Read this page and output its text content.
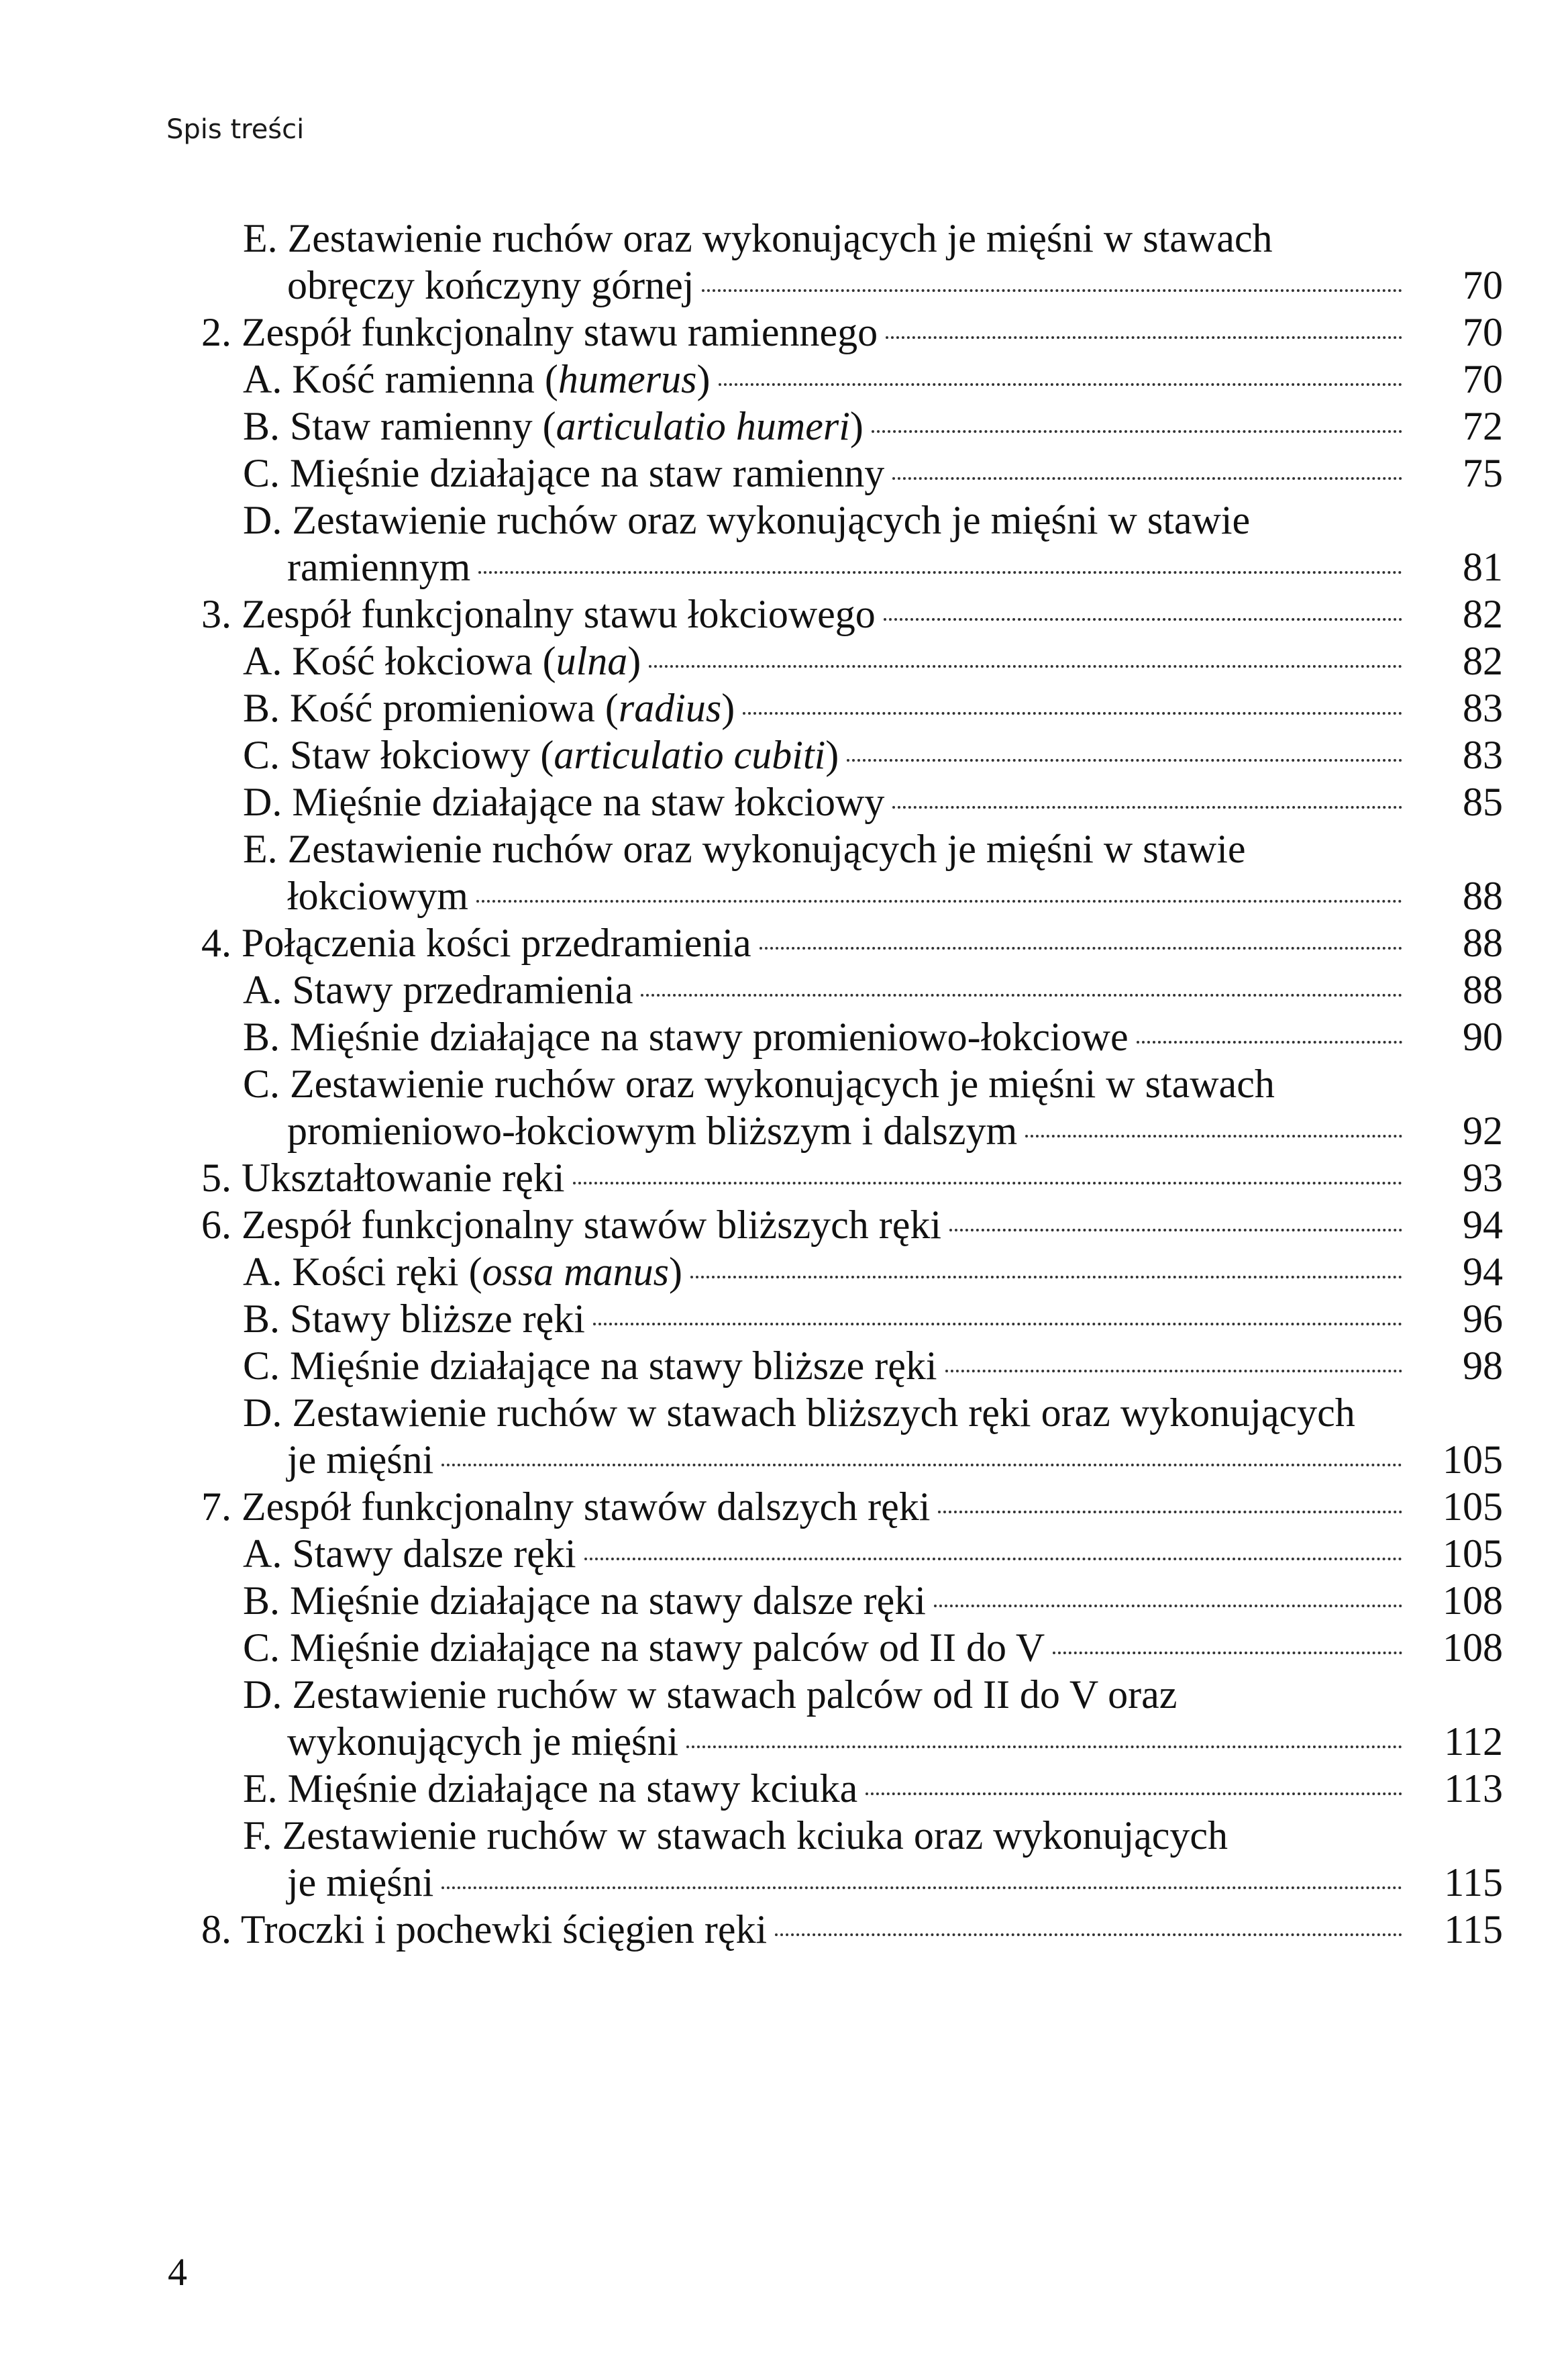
Spis treści
E. Zestawienie ruchów oraz wykonujących je mięśni w stawach
obręczy kończyny górnej	70
2. Zespół funkcjonalny stawu ramiennego	70
A. Kość ramienna (humerus)	70
B. Staw ramienny (articulatio humeri)	72
C. Mięśnie działające na staw ramienny	75
D. Zestawienie ruchów oraz wykonujących je mięśni w stawie
ramiennym	81
3. Zespół funkcjonalny stawu łokciowego	82
A. Kość łokciowa (ulna)	82
B. Kość promieniowa (radius)	83
C. Staw łokciowy (articulatio cubiti)	83
D. Mięśnie działające na staw łokciowy	85
E. Zestawienie ruchów oraz wykonujących je mięśni w stawie
łokciowym	88
4. Połączenia kości przedramienia	88
A. Stawy przedramienia	88
B. Mięśnie działające na stawy promieniowo-łokciowe	90
C. Zestawienie ruchów oraz wykonujących je mięśni w stawach
promieniowo-łokciowym bliższym i dalszym	92
5. Ukształtowanie ręki	93
6. Zespół funkcjonalny stawów bliższych ręki	94
A. Kości ręki (ossa manus)	94
B. Stawy bliższe ręki	96
C. Mięśnie działające na stawy bliższe ręki	98
D. Zestawienie ruchów w stawach bliższych ręki oraz wykonujących
je mięśni	105
7. Zespół funkcjonalny stawów dalszych ręki	105
A. Stawy dalsze ręki	105
B. Mięśnie działające na stawy dalsze ręki	108
C. Mięśnie działające na stawy palców od II do V	108
D. Zestawienie ruchów w stawach palców od II do V oraz
wykonujących je mięśni	112
E. Mięśnie działające na stawy kciuka	113
F. Zestawienie ruchów w stawach kciuka oraz wykonujących
je mięśni	115
8. Troczki i pochewki ścięgien ręki	115
4
